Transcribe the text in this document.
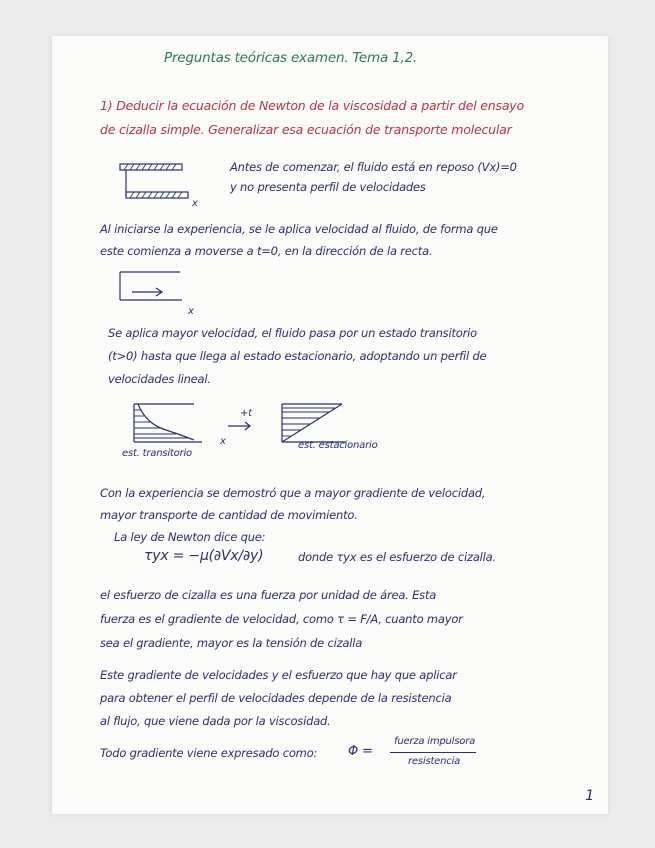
Preguntas teóricas examen. Tema 1,2.
1) Deducir la ecuación de Newton de la viscosidad a partir del ensayo
de cizalla simple. Generalizar esa ecuación de transporte molecular
x
Antes de comenzar, el fluido está en reposo (Vx)=0
y no presenta perfil de velocidades
Al iniciarse la experiencia, se le aplica velocidad al fluido, de forma que
este comienza a moverse a t=0, en la dirección de la recta.
x
Se aplica mayor velocidad, el fluido pasa por un estado transitorio
(t>0) hasta que llega al estado estacionario, adoptando un perfil de
velocidades lineal.
x
+t
est. transitorio
est. estacionario
Con la experiencia se demostró que a mayor gradiente de velocidad,
mayor transporte de cantidad de movimiento.
La ley de Newton dice que:
τyx = −μ(∂Vx/∂y)	donde τyx es el esfuerzo de cizalla.
el esfuerzo de cizalla es una fuerza por unidad de área. Esta
fuerza es el gradiente de velocidad, como τ = F/A, cuanto mayor
sea el gradiente, mayor es la tensión de cizalla
Este gradiente de velocidades y el esfuerzo que hay que aplicar
para obtener el perfil de velocidades depende de la resistencia
al flujo, que viene dada por la viscosidad.
Todo gradiente viene expresado como: Φ =
fuerza impulsora
resistencia
1
